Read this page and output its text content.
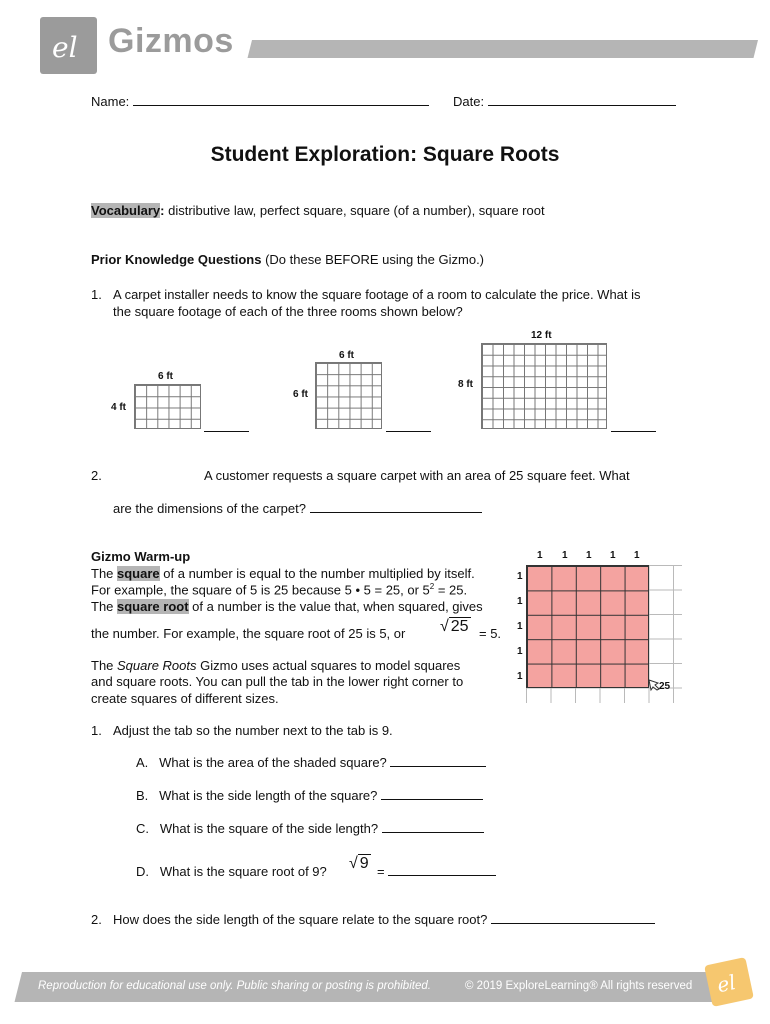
el Gizmos
Name:	Date:
Student Exploration: Square Roots
Vocabulary: distributive law, perfect square, square (of a number), square root
Prior Knowledge Questions (Do these BEFORE using the Gizmo.)
1. A carpet installer needs to know the square footage of a room to calculate the price. What is
the square footage of each of the three rooms shown below?
6 ft
4 ft
6 ft
6 ft
12 ft
8 ft
2.	A customer requests a square carpet with an area of 25 square feet. What
are the dimensions of the carpet?
Gizmo Warm-up
The square of a number is equal to the number multiplied by itself.
For example, the square of 5 is 25 because 5 • 5 = 25, or $5^2 = 25$.
The square root of a number is the value that, when squared, gives
the number. For example, the square root of 25 is 5, or √ 25 = 5.
The Square Roots Gizmo uses actual squares to model squares
and square roots. You can pull the tab in the lower right corner to
create squares of different sizes.
1 1 1 1 1
1
1
1
1
1
25
1. Adjust the tab so the number next to the tab is 9.
A. What is the area of the shaded square?
B. What is the side length of the square?
C. What is the square of the side length?
D. What is the square root of 9? √ 9 =
2. How does the side length of the square relate to the square root?
Reproduction for educational use only. Public sharing or posting is prohibited.	© 2019 ExploreLearning® All rights reserved el
